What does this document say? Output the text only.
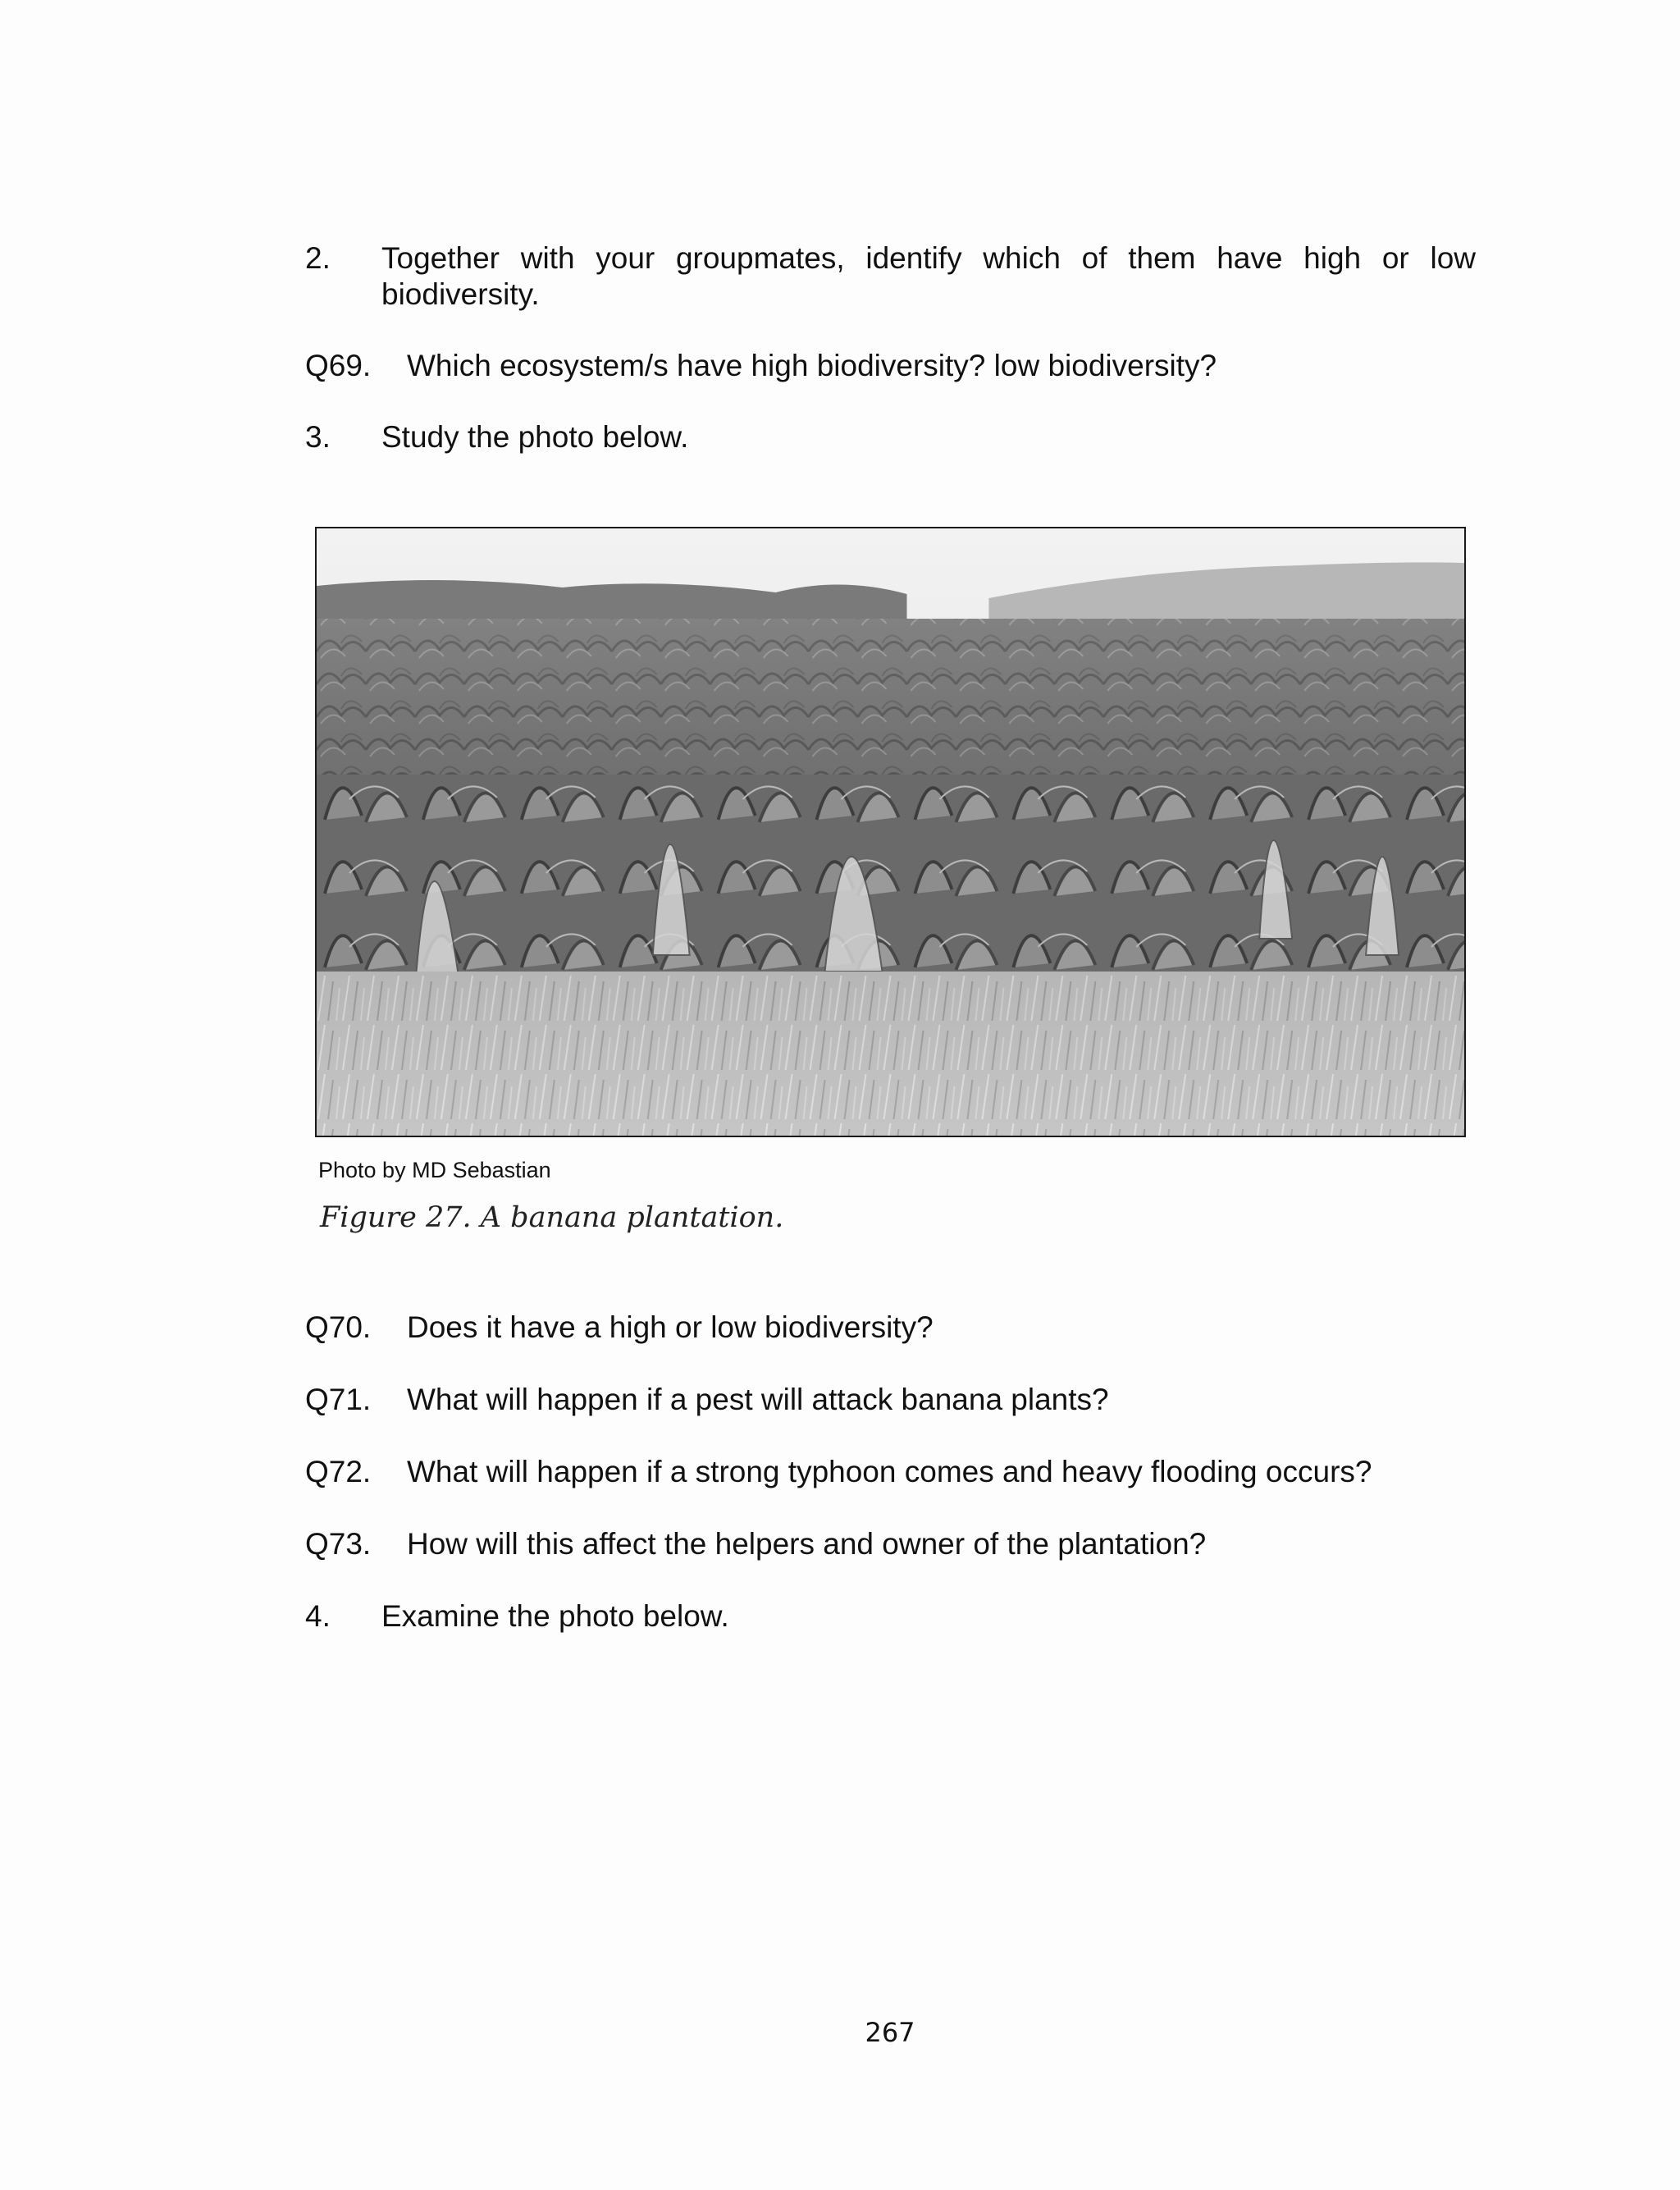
2. Together with your groupmates, identify which of them have high or low biodiversity.
Q69. Which ecosystem/s have high biodiversity? low biodiversity?
3. Study the photo below.
Photo by MD Sebastian
Figure 27. A banana plantation.
Q70. Does it have a high or low biodiversity?
Q71. What will happen if a pest will attack banana plants?
Q72. What will happen if a strong typhoon comes and heavy flooding occurs?
Q73. How will this affect the helpers and owner of the plantation?
4. Examine the photo below.
267
